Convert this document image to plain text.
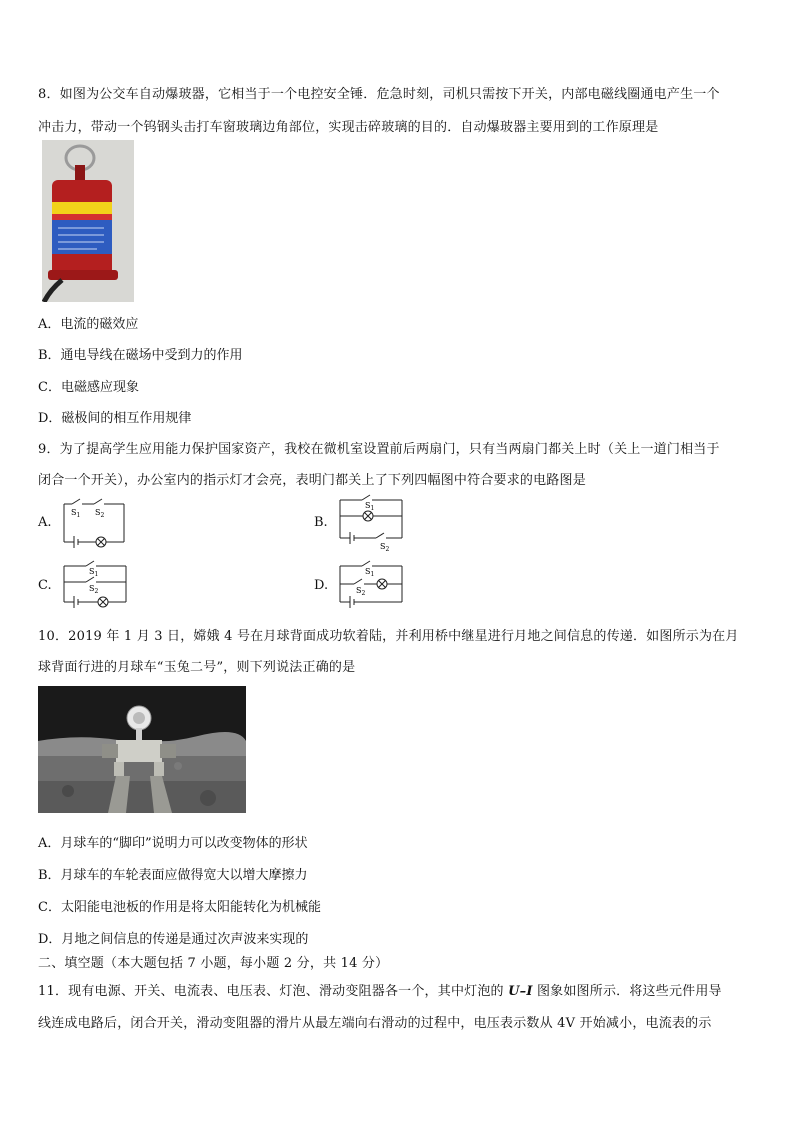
8．如图为公交车自动爆玻器，它相当于一个电控安全锤．危急时刻，司机只需按下开关，内部电磁线圈通电产生一个
冲击力，带动一个钨钢头击打车窗玻璃边角部位，实现击碎玻璃的目的．自动爆玻器主要用到的工作原理是
A．电流的磁效应
B．通电导线在磁场中受到力的作用
C．电磁感应现象
D．磁极间的相互作用规律
9．为了提高学生应用能力保护国家资产，我校在微机室设置前后两扇门，只有当两扇门都关上时（关上一道门相当于
闭合一个开关），办公室内的指示灯才会亮，表明门都关上了下列四幅图中符合要求的电路图是
A.
$S_1$ $S_2$	B.
$S_1$
$S_2$
C.
$S_1$
$S_2$	D.
$S_1$
$S_2$
10．2019 年 1 月 3 日，嫦娥 4 号在月球背面成功软着陆，并利用桥中继星进行月地之间信息的传递．如图所示为在月
球背面行进的月球车“玉兔二号”，则下列说法正确的是
A．月球车的“脚印”说明力可以改变物体的形状
B．月球车的车轮表面应做得宽大以增大摩擦力
C．太阳能电池板的作用是将太阳能转化为机械能
D．月地之间信息的传递是通过次声波来实现的
二、填空题（本大题包括 7 小题，每小题 2 分，共 14 分）
11．现有电源、开关、电流表、电压表、灯泡、滑动变阻器各一个，其中灯泡的 U–I 图象如图所示．将这些元件用导
线连成电路后，闭合开关，滑动变阻器的滑片从最左端向右滑动的过程中，电压表示数从 4V 开始减小，电流表的示
